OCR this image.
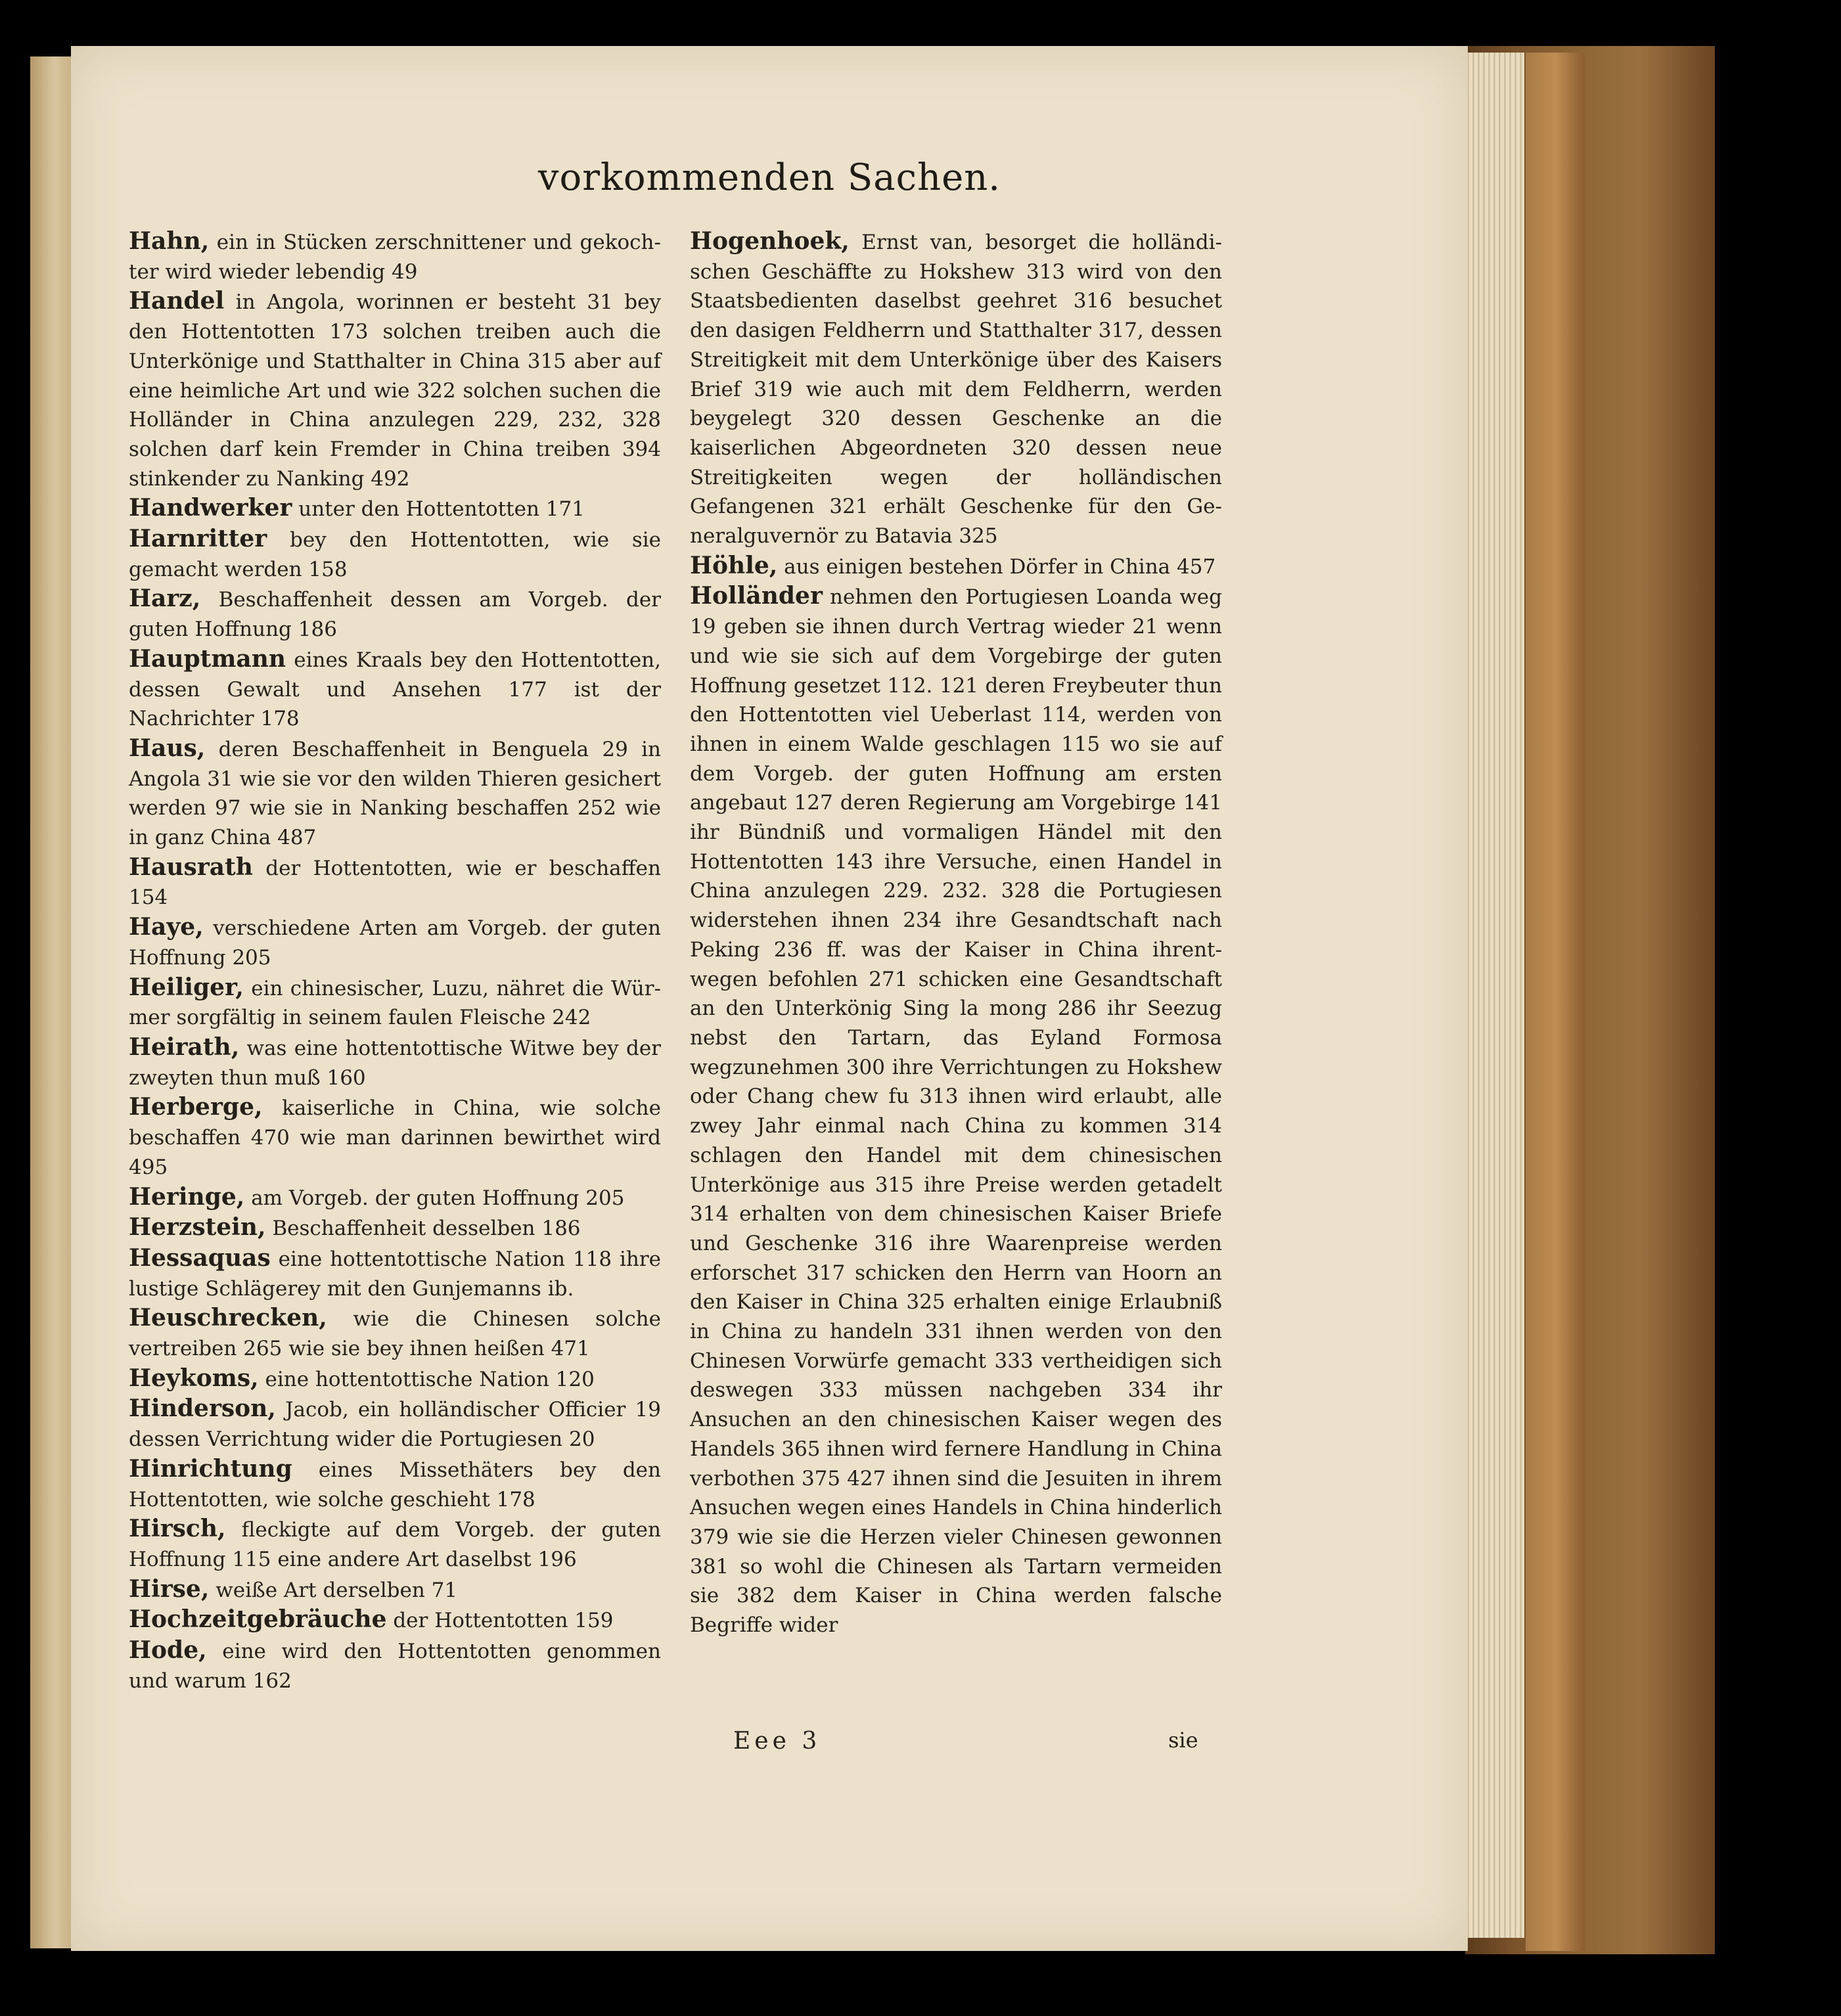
vorkommenden Sachen.

Hahn, ein in Stücken zerschnittener und gekochter wird wieder lebendig 49

Handel in Angola, worinnen er besteht 31 bey den Hottentotten 173 solchen treiben auch die Unterkönige und Statthalter in China 315 aber auf eine heimliche Art und wie 322 solchen suchen die Holländer in China anzulegen 229, 232, 328 solchen darf kein Fremder in China treiben 394 stinkender zu Nanking 492

Handwerker unter den Hottentotten 171

Harnritter bey den Hottentotten, wie sie gemacht werden 158

Harz, Beschaffenheit dessen am Vorgeb. der guten Hoffnung 186

Hauptmann eines Kraals bey den Hottentotten, dessen Gewalt und Ansehen 177 ist der Nachrichter 178

Haus, deren Beschaffenheit in Benguela 29 in Angola 31 wie sie vor den wilden Thieren gesichert werden 97 wie sie in Nanking beschaffen 252 wie in ganz China 487

Hausrath der Hottentotten, wie er beschaffen 154

Haye, verschiedene Arten am Vorgeb. der guten Hoffnung 205

Heiliger, ein chinesischer, Luzu, nähret die Würmer sorgfältig in seinem faulen Fleische 242

Heirath, was eine hottentottische Witwe bey der zweyten thun muß 160

Herberge, kaiserliche in China, wie solche beschaffen 470 wie man darinnen bewirthet wird 495

Heringe, am Vorgeb. der guten Hoffnung 205

Herzstein, Beschaffenheit desselben 186

Hessaquas eine hottentottische Nation 118 ihre lustige Schlägerey mit den Gunjemanns ib.

Heuschrecken, wie die Chinesen solche vertreiben 265 wie sie bey ihnen heißen 471

Heykoms, eine hottentottische Nation 120

Hinderson, Jacob, ein holländischer Officier 19 dessen Verrichtung wider die Portugiesen 20

Hinrichtung eines Missethäters bey den Hottentotten, wie solche geschieht 178

Hirsch, fleckigte auf dem Vorgeb. der guten Hoffnung 115 eine andere Art daselbst 196

Hirse, weiße Art derselben 71

Hochzeitgebräuche der Hottentotten 159

Hode, eine wird den Hottentotten genommen und warum 162

Hogenhoek, Ernst van, besorget die holländischen Geschäffte zu Hokshew 313 wird von den Staatsbedienten daselbst geehret 316 besuchet den dasigen Feldherrn und Statthalter 317, dessen Streitigkeit mit dem Unterkönige über des Kaisers Brief 319 wie auch mit dem Feldherrn, werden beygelegt 320 dessen Geschenke an die kaiserlichen Abgeordneten 320 dessen neue Streitigkeiten wegen der holländischen Gefangenen 321 erhält Geschenke für den Generalguvernör zu Batavia 325

Höhle, aus einigen bestehen Dörfer in China 457

Holländer nehmen den Portugiesen Loanda weg 19 geben sie ihnen durch Vertrag wieder 21 wenn und wie sie sich auf dem Vorgebirge der guten Hoffnung gesetzet 112. 121 deren Freybeuter thun den Hottentotten viel Ueberlast 114, werden von ihnen in einem Walde geschlagen 115 wo sie auf dem Vorgeb. der guten Hoffnung am ersten angebaut 127 deren Regierung am Vorgebirge 141 ihr Bündniß und vormaligen Händel mit den Hottentotten 143 ihre Versuche, einen Handel in China anzulegen 229. 232. 328 die Portugiesen widerstehen ihnen 234 ihre Gesandtschaft nach Peking 236 ff. was der Kaiser in China ihrentwegen befohlen 271 schicken eine Gesandtschaft an den Unterkönig Sing la mong 286 ihr Seezug nebst den Tartarn, das Eyland Formosa wegzunehmen 300 ihre Verrichtungen zu Hokshew oder Chang chew fu 313 ihnen wird erlaubt, alle zwey Jahr einmal nach China zu kommen 314 schlagen den Handel mit dem chinesischen Unterkönige aus 315 ihre Preise werden getadelt 314 erhalten von dem chinesischen Kaiser Briefe und Geschenke 316 ihre Waarenpreise werden erforschet 317 schicken den Herrn van Hoorn an den Kaiser in China 325 erhalten einige Erlaubniß in China zu handeln 331 ihnen werden von den Chinesen Vorwürfe gemacht 333 vertheidigen sich deswegen 333 müssen nachgeben 334 ihr Ansuchen an den chinesischen Kaiser wegen des Handels 365 ihnen wird fernere Handlung in China verbothen 375 427 ihnen sind die Jesuiten in ihrem Ansuchen wegen eines Handels in China hinderlich 379 wie sie die Herzen vieler Chinesen gewonnen 381 so wohl die Chinesen als Tartarn vermeiden sie 382 dem Kaiser in China werden falsche Begriffe wider

Eee 3	sie
